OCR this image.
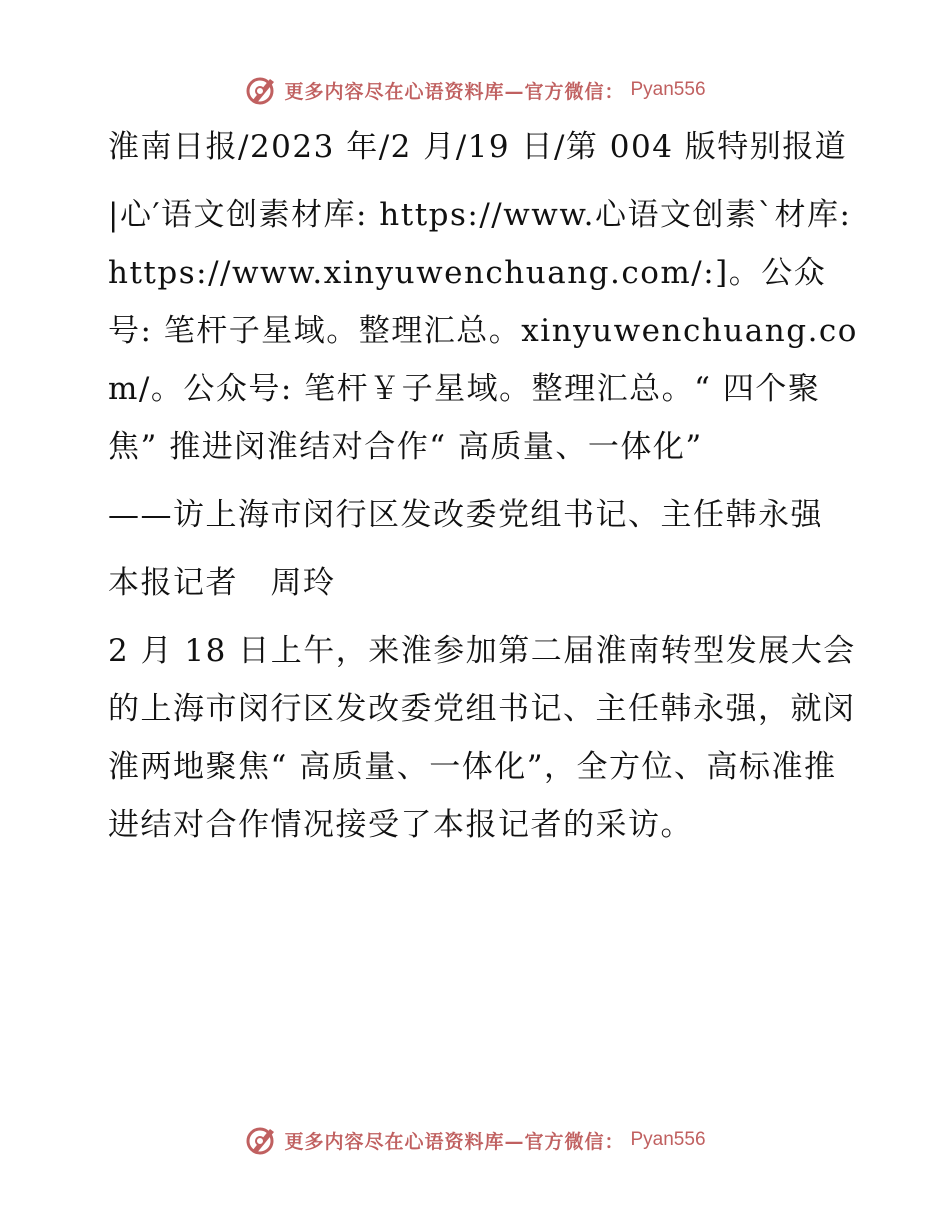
更多内容尽在心语资料库—官方微信： Pyan556

淮南日报/2023 年/2 月/19 日/第 004 版特别报道

|心′语文创素材库: https://www.心语文创素`材库: https://www.xinyuwenchuang.com/:]。公众号: 笔杆子星域。整理汇总。xinyuwenchuang.com/。公众号: 笔杆￥子星域。整理汇总。“ 四个聚焦” 推进闵淮结对合作“ 高质量、一体化”

——访上海市闵行区发改委党组书记、主任韩永强

本报记者　周玲

2 月 18 日上午，来淮参加第二届淮南转型发展大会的上海市闵行区发改委党组书记、主任韩永强，就闵淮两地聚焦“ 高质量、一体化”，全方位、高标准推进结对合作情况接受了本报记者的采访。

更多内容尽在心语资料库—官方微信： Pyan556
